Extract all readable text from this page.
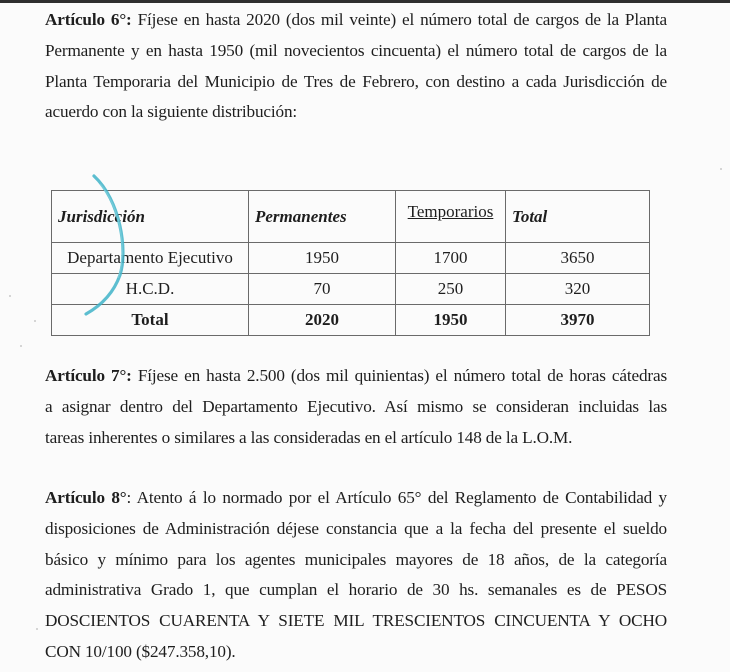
Artículo 6°: Fíjese en hasta 2020 (dos mil veinte) el número total de cargos de la Planta
Permanente y en hasta 1950 (mil novecientos cincuenta) el número total de cargos de la
Planta Temporaria del Municipio de Tres de Febrero, con destino a cada Jurisdicción de
acuerdo con la siguiente distribución:
Jurisdicción	Permanentes	Temporarios	Total
Departamento Ejecutivo	1950	1700	3650
H.C.D.	70	250	320
Total	2020	1950	3970
Artículo 7°: Fíjese en hasta 2.500 (dos mil quinientas) el número total de horas cátedras
a asignar dentro del Departamento Ejecutivo. Así mismo se consideran incluidas las
tareas inherentes o similares a las consideradas en el artículo 148 de la L.O.M.
Artículo 8°: Atento á lo normado por el Artículo 65° del Reglamento de Contabilidad y
disposiciones de Administración déjese constancia que a la fecha del presente el sueldo
básico y mínimo para los agentes municipales mayores de 18 años, de la categoría
administrativa Grado 1, que cumplan el horario de 30 hs. semanales es de PESOS
DOSCIENTOS CUARENTA Y SIETE MIL TRESCIENTOS CINCUENTA Y OCHO
CON 10/100 ($247.358,10).
